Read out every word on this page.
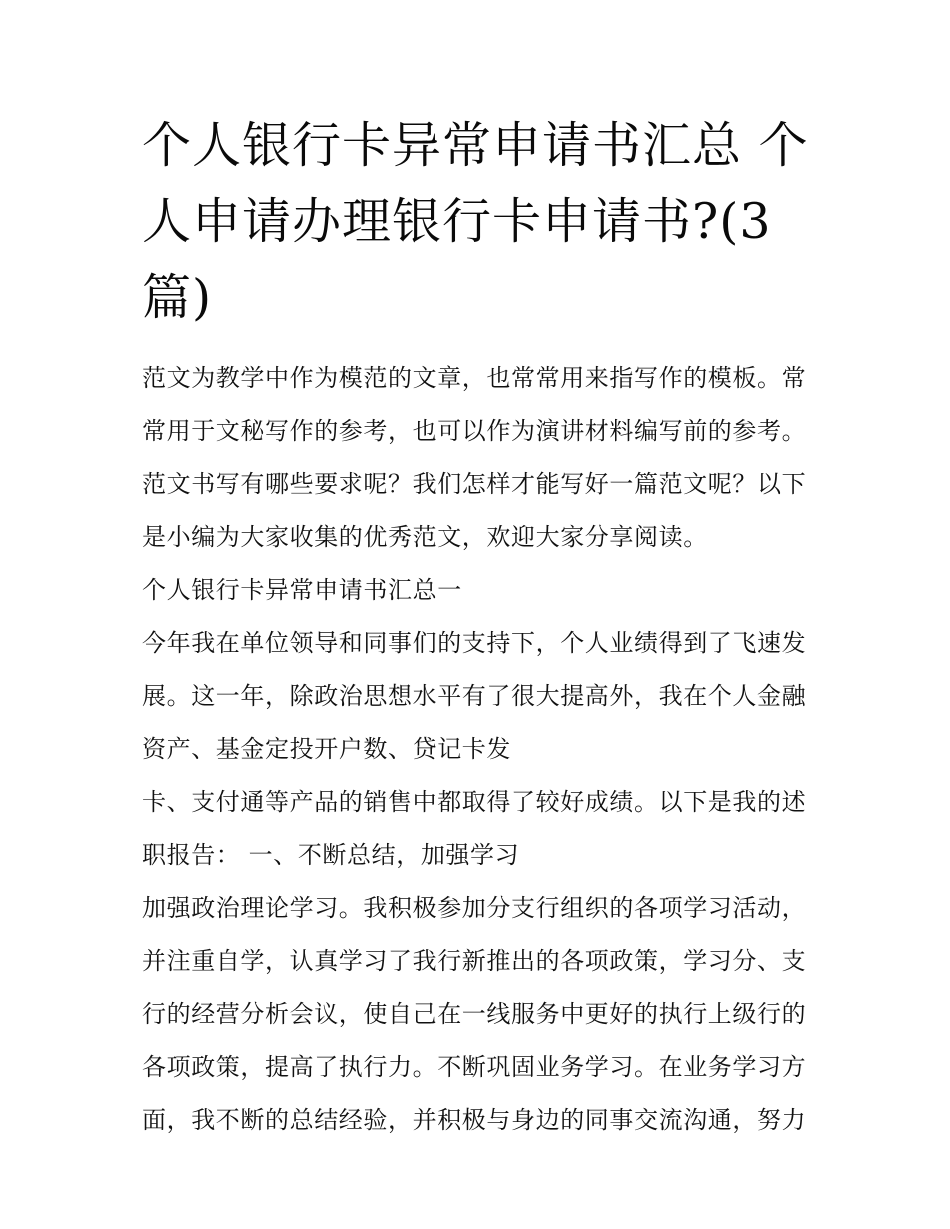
个人银行卡异常申请书汇总 个人申请办理银行卡申请书?(3篇)
范文为教学中作为模范的文章，也常常用来指写作的模板。常
常用于文秘写作的参考，也可以作为演讲材料编写前的参考。
范文书写有哪些要求呢？我们怎样才能写好一篇范文呢？以下
是小编为大家收集的优秀范文，欢迎大家分享阅读。
个人银行卡异常申请书汇总一
今年我在单位领导和同事们的支持下，个人业绩得到了飞速发
展。这一年，除政治思想水平有了很大提高外，我在个人金融
资产、基金定投开户数、贷记卡发
卡、支付通等产品的销售中都取得了较好成绩。以下是我的述
职报告： 一、不断总结，加强学习
加强政治理论学习。我积极参加分支行组织的各项学习活动，
并注重自学，认真学习了我行新推出的各项政策，学习分、支
行的经营分析会议，使自己在一线服务中更好的执行上级行的
各项政策，提高了执行力。不断巩固业务学习。在业务学习方
面，我不断的总结经验，并积极与身边的同事交流沟通，努力
